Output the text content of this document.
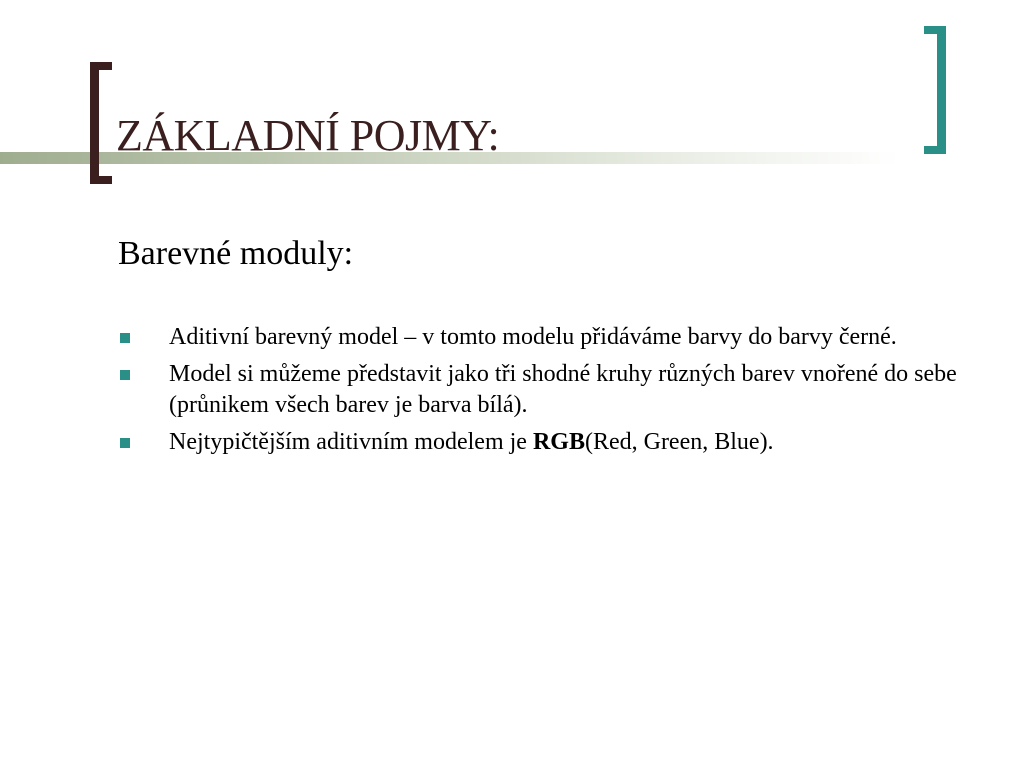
ZÁKLADNÍ POJMY:
Barevné moduly:
Aditivní barevný model – v tomto modelu přidáváme barvy do barvy černé.
Model si můžeme představit jako tři shodné kruhy různých barev vnořené do sebe (průnikem všech barev je barva bílá).
Nejtypičtějším aditivním modelem je RGB(Red, Green, Blue).
